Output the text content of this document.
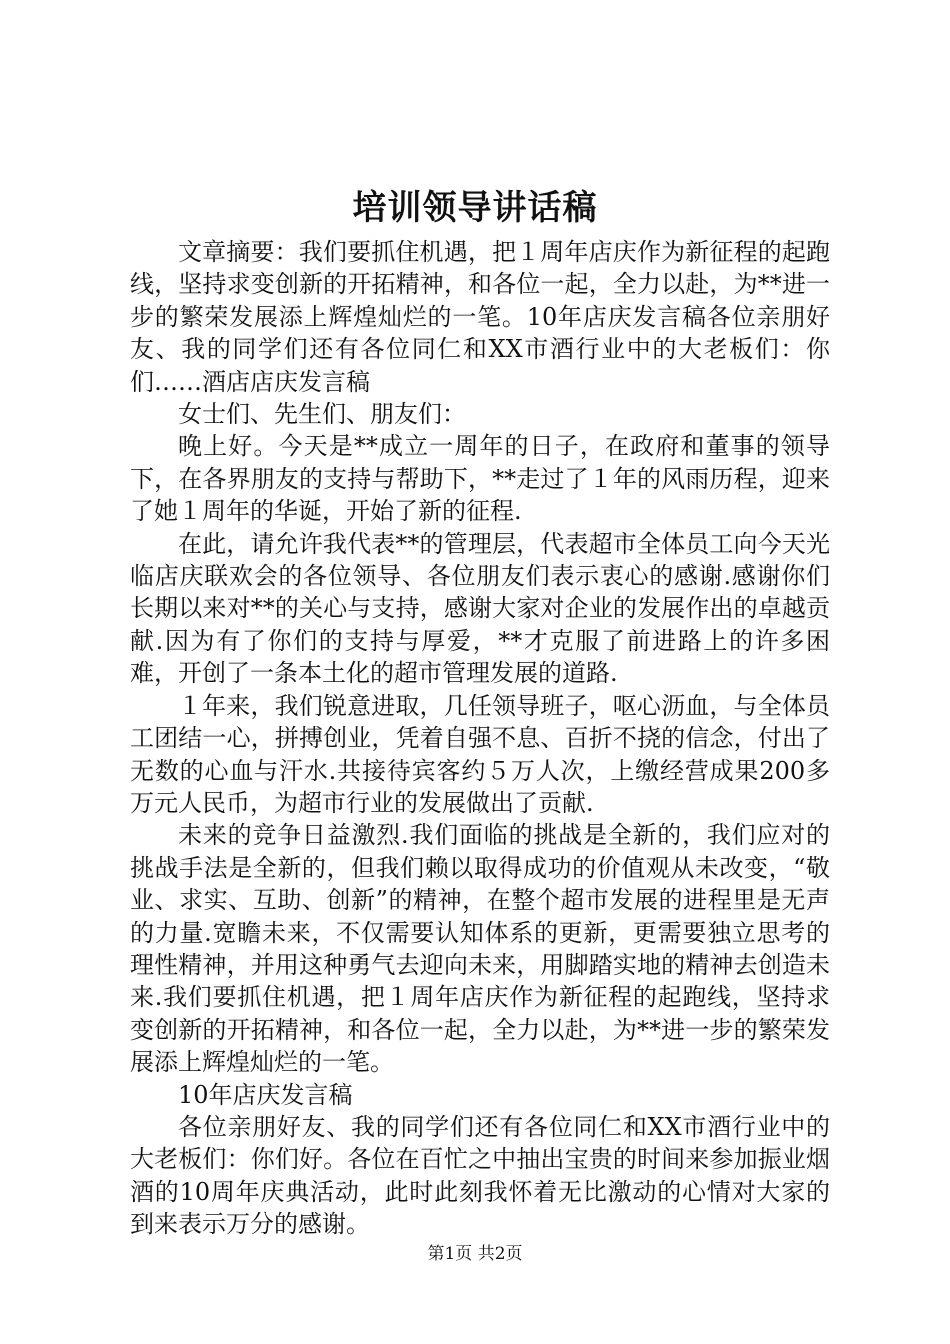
培训领导讲话稿

文章摘要：我们要抓住机遇，把１周年店庆作为新征程的起跑线，坚持求变创新的开拓精神，和各位一起，全力以赴，为**进一步的繁荣发展添上辉煌灿烂的一笔。10年店庆发言稿各位亲朋好友、我的同学们还有各位同仁和XX市酒行业中的大老板们：你们……酒店店庆发言稿

女士们、先生们、朋友们：

晚上好。今天是**成立一周年的日子，在政府和董事的领导下，在各界朋友的支持与帮助下，**走过了１年的风雨历程，迎来了她１周年的华诞，开始了新的征程.

在此，请允许我代表**的管理层，代表超市全体员工向今天光临店庆联欢会的各位领导、各位朋友们表示衷心的感谢.感谢你们长期以来对**的关心与支持，感谢大家对企业的发展作出的卓越贡献.因为有了你们的支持与厚爱，**才克服了前进路上的许多困难，开创了一条本土化的超市管理发展的道路.

１年来，我们锐意进取，几任领导班子，呕心沥血，与全体员工团结一心，拼搏创业，凭着自强不息、百折不挠的信念，付出了无数的心血与汗水.共接待宾客约５万人次，上缴经营成果200多万元人民币，为超市行业的发展做出了贡献.

未来的竞争日益激烈.我们面临的挑战是全新的，我们应对的挑战手法是全新的，但我们赖以取得成功的价值观从未改变，“敬业、求实、互助、创新”的精神，在整个超市发展的进程里是无声的力量.宽瞻未来，不仅需要认知体系的更新，更需要独立思考的理性精神，并用这种勇气去迎向未来，用脚踏实地的精神去创造未来.我们要抓住机遇，把１周年店庆作为新征程的起跑线，坚持求变创新的开拓精神，和各位一起，全力以赴，为**进一步的繁荣发展添上辉煌灿烂的一笔。

10年店庆发言稿

各位亲朋好友、我的同学们还有各位同仁和XX市酒行业中的大老板们：你们好。各位在百忙之中抽出宝贵的时间来参加振业烟酒的10周年庆典活动，此时此刻我怀着无比激动的心情对大家的到来表示万分的感谢。

第1页 共2页
